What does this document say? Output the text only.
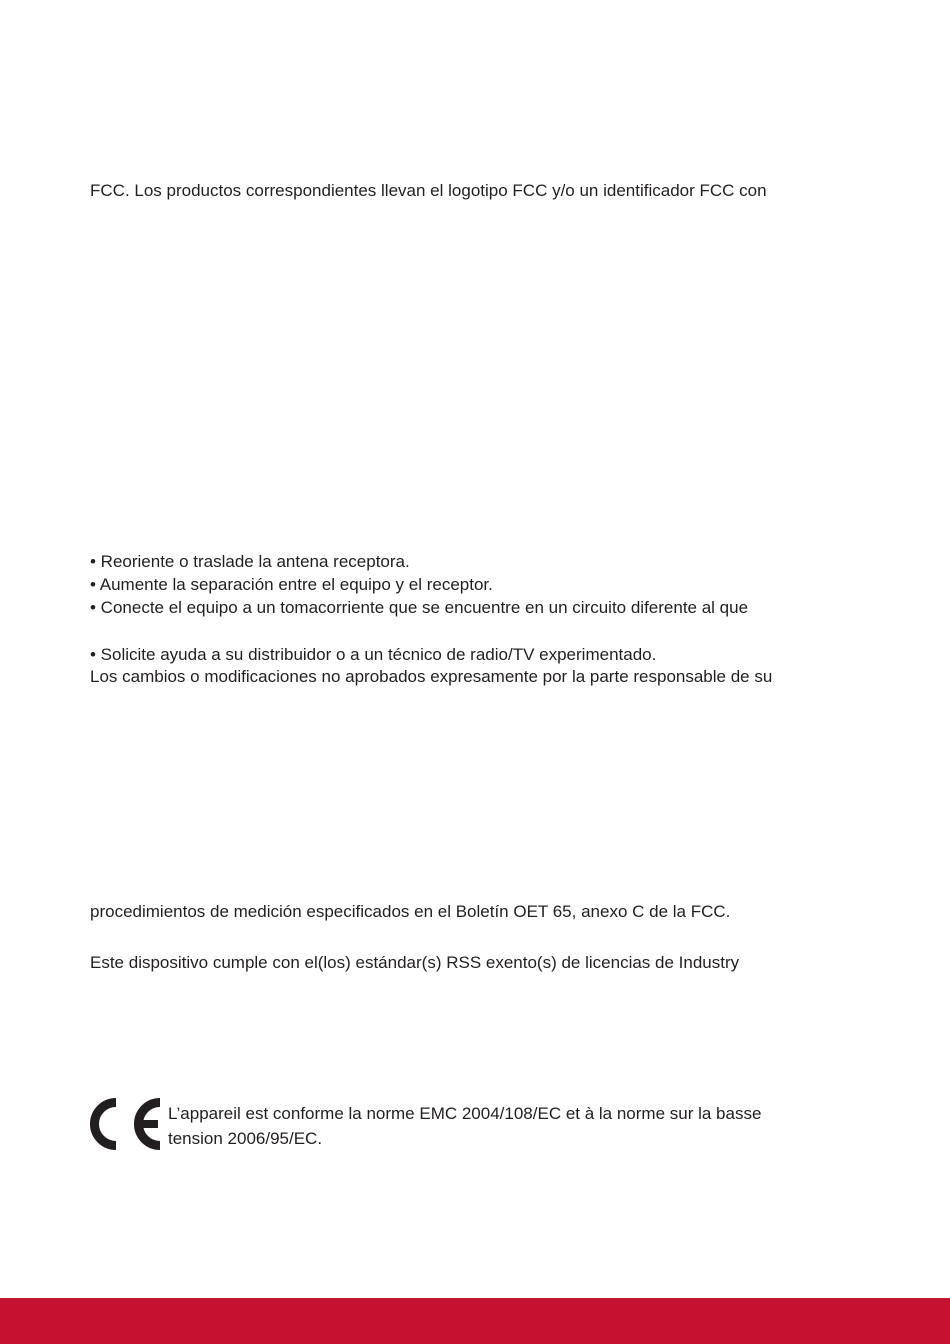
FCC. Los productos correspondientes llevan el logotipo FCC y/o un identificador FCC con
• Reoriente o traslade la antena receptora.
• Aumente la separación entre el equipo y el receptor.
• Conecte el equipo a un tomacorriente que se encuentre en un circuito diferente al que
• Solicite ayuda a su distribuidor o a un técnico de radio/TV experimentado.
Los cambios o modificaciones no aprobados expresamente por la parte responsable de su
procedimientos de medición especificados en el Boletín OET 65, anexo C de la FCC.
Este dispositivo cumple con el(los) estándar(s) RSS exento(s) de licencias de Industry
L’appareil est conforme la norme EMC 2004/108/EC et à la norme sur la basse
tension 2006/95/EC.
